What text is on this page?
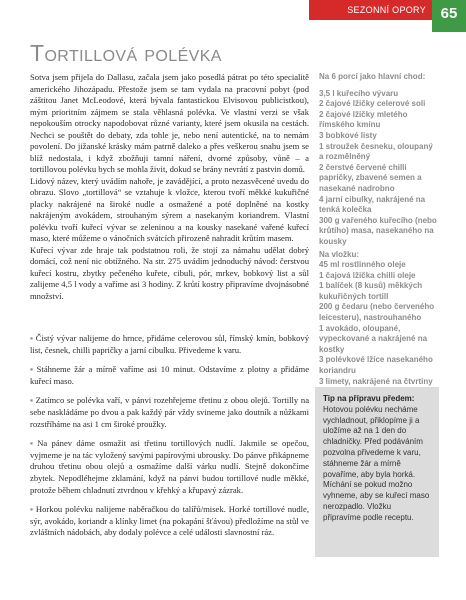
SEZONNÍ OPORY 65
Tortillová polévka

Sotva jsem přijela do Dallasu, začala jsem jako posedlá pátrat po této specialitě amerického Jihozápadu. Přestože jsem se tam vydala na pracovní pobyt (pod záštitou Janet McLeodové, která bývala fantastickou Elvisovou publicistkou), mým prioritním zájmem se stala věhlasná polévka. Ve vlastní verzi se však nepokouším otrocky napodobovat různé varianty, které jsem okusila na cestách. Nechci se pouštět do debaty, zda tohle je, nebo není autentické, na to nemám povolení. Do jižanské krásky mám patrně daleko a přes veškerou snahu jsem se blíž nedostala, i když zbožňuji tamní náření, dvorné způsoby, vůně – a tortillovou polévku bych se mohla živit, dokud se brány nevrátí z pastvin domů.

Lidový název, který uvádím nahoře, je zavádějící, a proto nezasvěcené uvedu do obrazu. Slovo „tortillová“ se vztahuje k vložce, kterou tvoří měkké kukuřičné placky nakrájené na široké nudle a osmažené a poté doplněné na kostky nakrájeným avokádem, strouhaným sýrem a nasekaným koriandrem. Vlastní polévku tvoří kuřecí vývar se zeleninou a na kousky nasekané vařené kuřecí maso, které můžeme o vánočních svátcích přirozeně nahradit krůtím masem.

Kuřecí vývar zde hraje tak podstatnou roli, že stojí za námahu udělat dobrý domácí, což není nic obtížného. Na str. 275 uvádím jednoduchý návod: čerstvou kuřecí kostru, zbytky pečeného kuřete, cibuli, pór, mrkev, bobkový list a sůl zalijeme 4,5 l vody a vaříme asi 3 hodiny. Z krůtí kostry připravíme dvojnásobné množství.

▪ Čistý vývar nalijeme do hrnce, přidáme celerovou sůl, římský kmín, bobkový list, česnek, chilli papričky a jarní cibulku. Přivedeme k varu.

▪ Stáhneme žár a mírně vaříme asi 10 minut. Odstavíme z plotny a přidáme kuřecí maso.

▪ Zatímco se polévka vaří, v pánvi rozehřejeme třetinu z obou olejů. Tortilly na sebe naskládáme po dvou a pak každý pár vždy svineme jako doutník a nůžkami rozstříháme na asi 1 cm široké proužky.

▪ Na pánev dáme osmažit asi třetinu tortillových nudlí. Jakmile se opečou, vyjmeme je na tác vyložený savými papírovými ubrousky. Do pánve přikápneme druhou třetinu obou olejů a osmažíme další várku nudlí. Stejně dokončíme zbytek. Nepodléhejme zklamání, když na pánvi budou tortillové nudle měkké, protože během chladnutí ztvrdnou v křehký a křupavý zázrak.

▪ Horkou polévku nalijeme naběračkou do talířů/misek. Horké tortillové nudle, sýr, avokádo, koriandr a klínky limet (na pokapání šťávou) předložíme na stůl ve zvláštních nádobách, aby dodaly polévce a celé události slavnostní ráz.

Na 6 porcí jako hlavní chod:
3,5 l kuřecího vývaru
2 čajové lžičky celerové soli
2 čajové lžičky mletého římského kmínu
3 bobkové listy
1 stroužek česneku, oloupaný a rozmělněný
2 čerstvé červené chilli papričky, zbavené semen a nasekané nadrobno
4 jarní cibulky, nakrájené na tenká kolečka
300 g vařeného kuřecího (nebo krůtího) masa, nasekaného na kousky
Na vložku:
45 ml rostlinného oleje
1 čajová lžička chilli oleje
1 balíček (8 kusů) měkkých kukuřičných tortill
200 g čedaru (nebo červeného leicesteru), nastrouhaného
1 avokádo, oloupané, vypeckované a nakrájené na kostky
3 polévkové lžíce nasekaného koriandru
3 limety, nakrájené na čtvrtiny
Tip na přípravu předem:
Hotovou polévku necháme vychladnout, přiklopíme ji a uložíme až na 1 den do chladničky. Před podáváním pozvolna přivedeme k varu, stáhneme žár a mírně povaříme, aby byla horká. Míchání se pokud možno vyhneme, aby se kuřecí maso nerozpadlo. Vložku připravíme podle receptu.
